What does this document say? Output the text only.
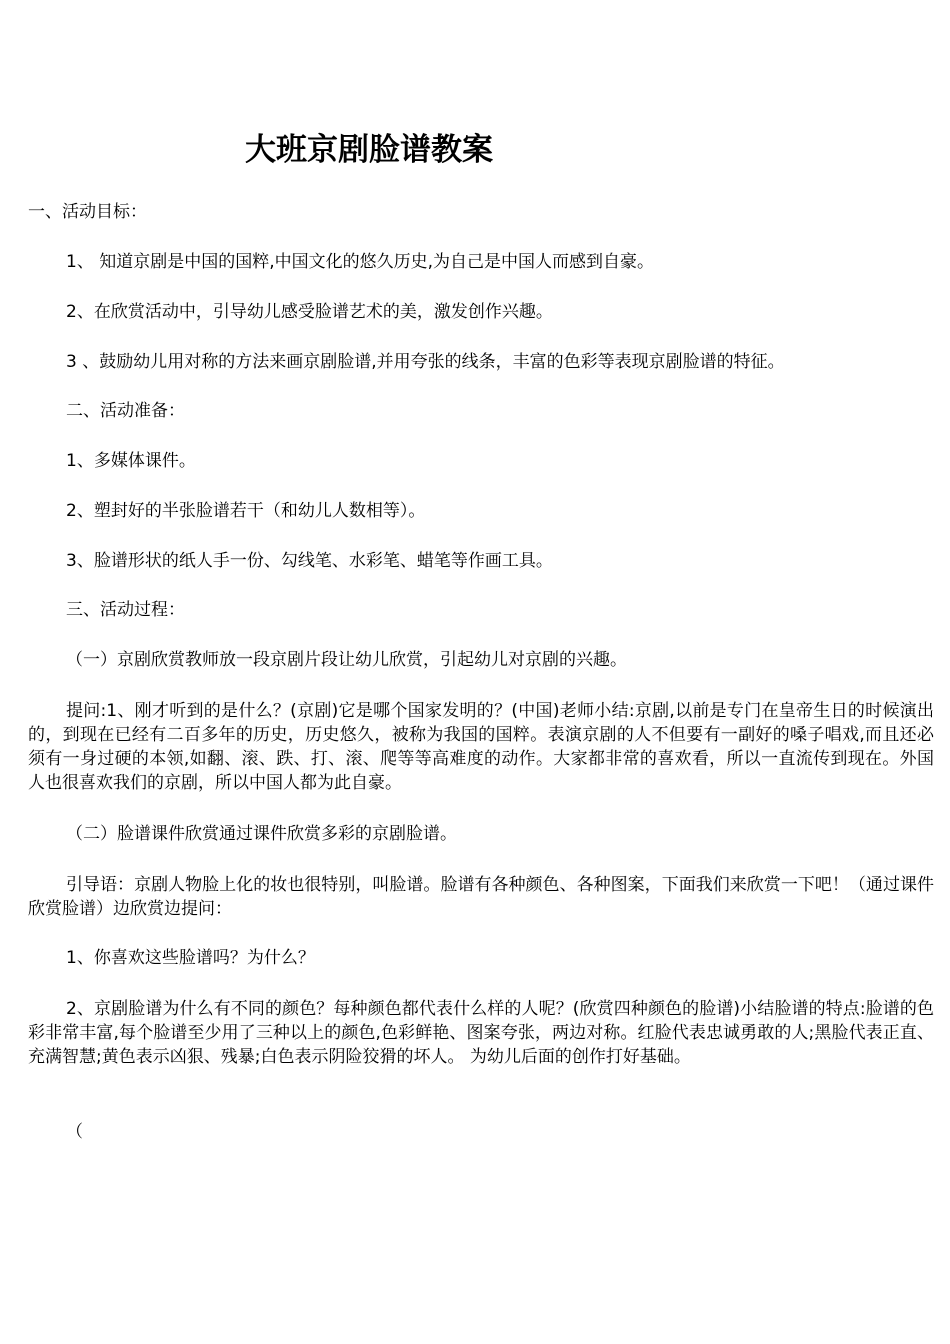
大班京剧脸谱教案
一、活动目标：
1、 知道京剧是中国的国粹,中国文化的悠久历史,为自己是中国人而感到自豪。
2、在欣赏活动中，引导幼儿感受脸谱艺术的美，激发创作兴趣。
3 、鼓励幼儿用对称的方法来画京剧脸谱,并用夸张的线条，丰富的色彩等表现京剧脸谱的特征。
二、活动准备：
1、多媒体课件。
2、塑封好的半张脸谱若干（和幼儿人数相等）。
3、脸谱形状的纸人手一份、勾线笔、水彩笔、蜡笔等作画工具。
三、活动过程：
（一）京剧欣赏教师放一段京剧片段让幼儿欣赏，引起幼儿对京剧的兴趣。
提问:1、刚才听到的是什么？(京剧)它是哪个国家发明的？(中国)老师小结:京剧,以前是专门在皇帝生日的时候演出的，到现在已经有二百多年的历史，历史悠久，被称为我国的国粹。表演京剧的人不但要有一副好的嗓子唱戏,而且还必须有一身过硬的本领,如翻、滚、跌、打、滚、爬等等高难度的动作。大家都非常的喜欢看，所以一直流传到现在。外国人也很喜欢我们的京剧，所以中国人都为此自豪。
（二）脸谱课件欣赏通过课件欣赏多彩的京剧脸谱。
引导语：京剧人物脸上化的妆也很特别，叫脸谱。脸谱有各种颜色、各种图案，下面我们来欣赏一下吧！（通过课件欣赏脸谱）边欣赏边提问：
1、你喜欢这些脸谱吗？为什么？
2、京剧脸谱为什么有不同的颜色？每种颜色都代表什么样的人呢？(欣赏四种颜色的脸谱)小结脸谱的特点:脸谱的色彩非常丰富,每个脸谱至少用了三种以上的颜色,色彩鲜艳、图案夸张，两边对称。红脸代表忠诚勇敢的人;黑脸代表正直、充满智慧;黄色表示凶狠、残暴;白色表示阴险狡猾的坏人。 为幼儿后面的创作打好基础。
（
